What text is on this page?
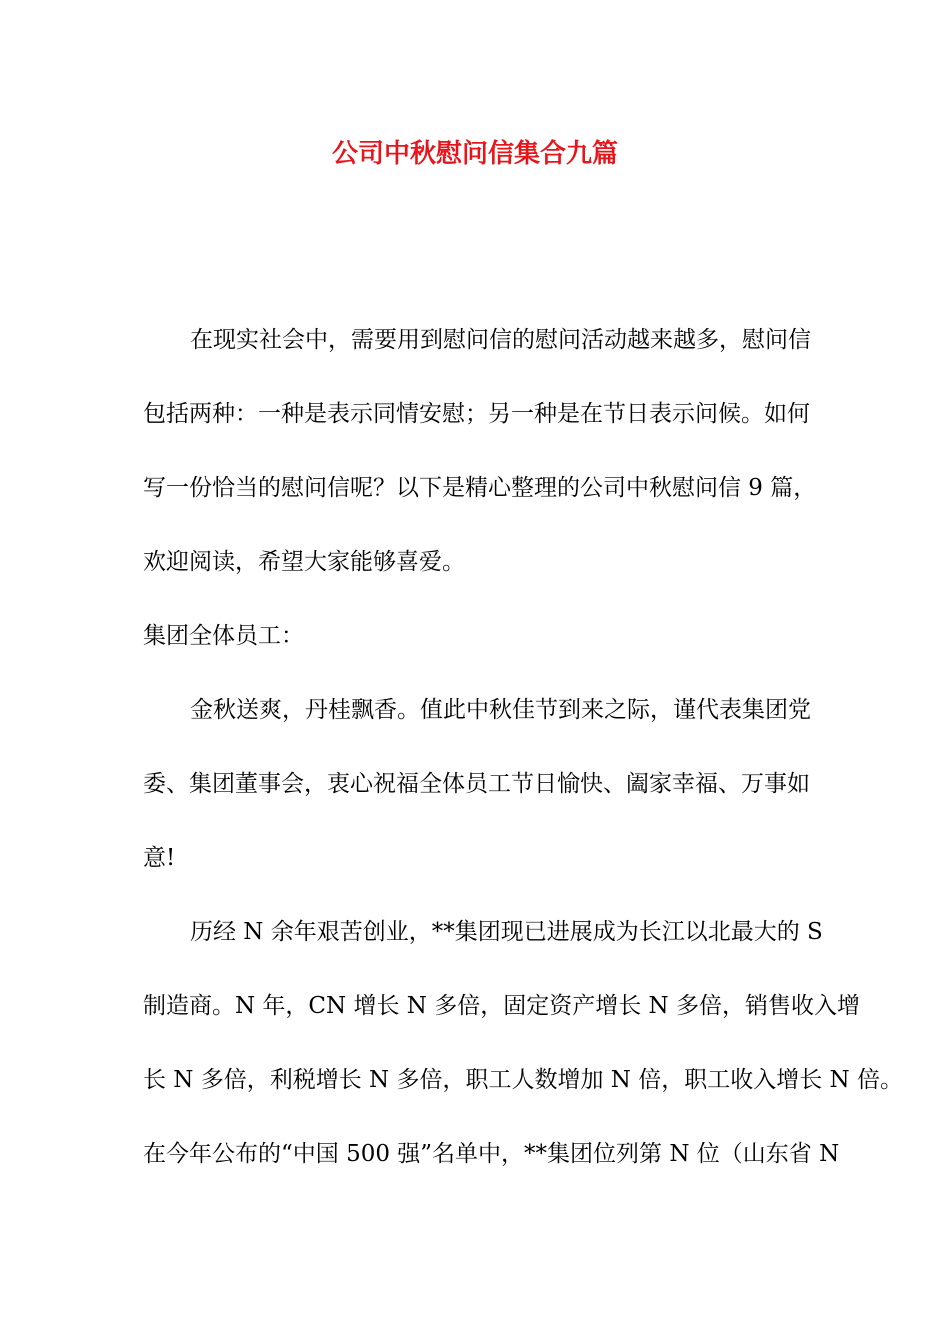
公司中秋慰问信集合九篇

在现实社会中，需要用到慰问信的慰问活动越来越多，慰问信

包括两种：一种是表示同情安慰；另一种是在节日表示问候。如何

写一份恰当的慰问信呢？以下是精心整理的公司中秋慰问信 9 篇，

欢迎阅读，希望大家能够喜爱。

集团全体员工：

金秋送爽，丹桂飘香。值此中秋佳节到来之际，谨代表集团党

委、集团董事会，衷心祝福全体员工节日愉快、阖家幸福、万事如

意!

历经 N 余年艰苦创业，**集团现已进展成为长江以北最大的 S

制造商。N 年，CN 增长 N 多倍，固定资产增长 N 多倍，销售收入增

长 N 多倍，利税增长 N 多倍，职工人数增加 N 倍，职工收入增长 N 倍。

在今年公布的“中国 500 强”名单中，**集团位列第 N 位（山东省 N
